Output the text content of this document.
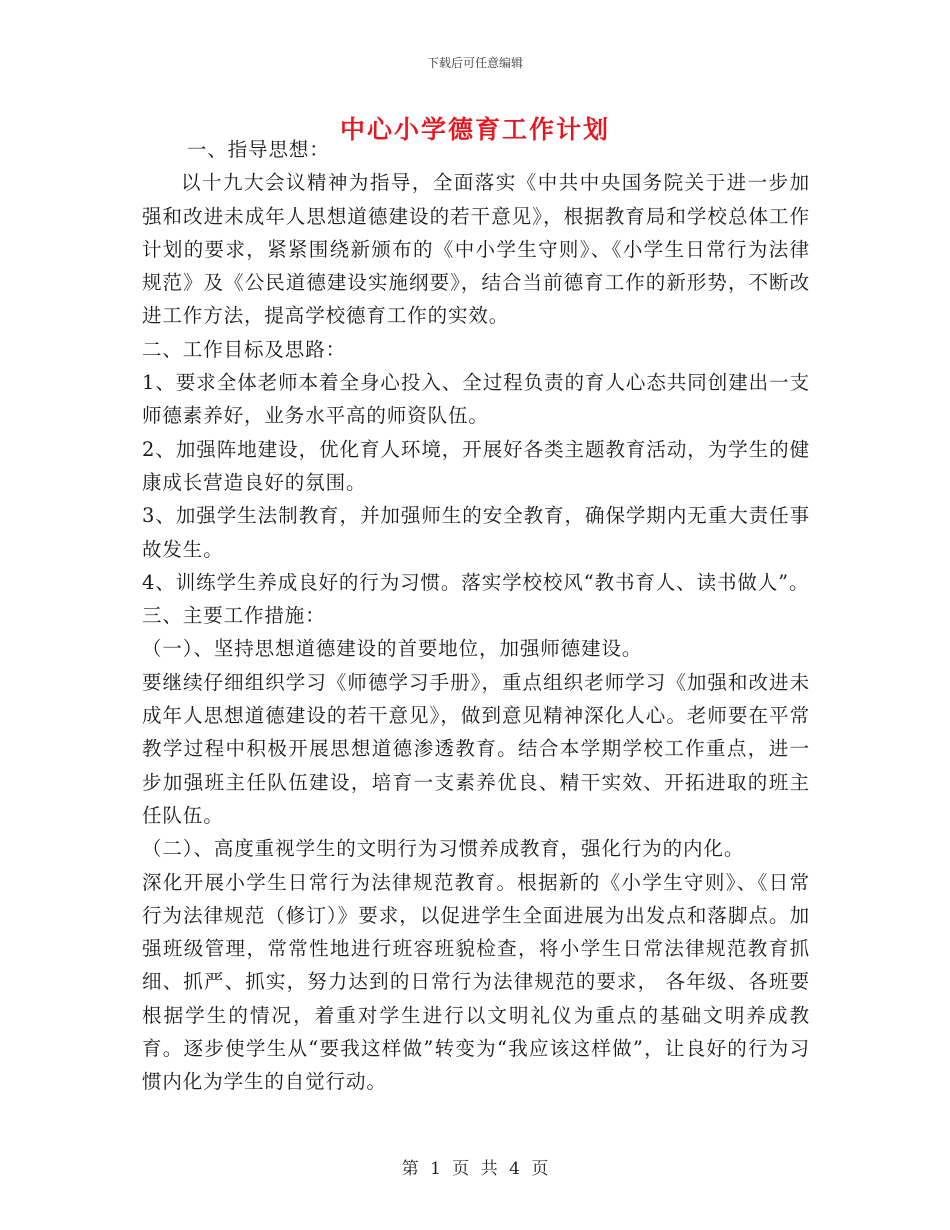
下载后可任意编辑
中心小学德育工作计划

一、指导思想：

以十九大会议精神为指导，全面落实《中共中央国务院关于进一步加强和改进未成年人思想道德建设的若干意见》，根据教育局和学校总体工作计划的要求，紧紧围绕新颁布的《中小学生守则》、《小学生日常行为法律规范》及《公民道德建设实施纲要》，结合当前德育工作的新形势，不断改进工作方法，提高学校德育工作的实效。

二、工作目标及思路：

1、要求全体老师本着全身心投入、全过程负责的育人心态共同创建出一支师德素养好，业务水平高的师资队伍。

2、加强阵地建设，优化育人环境，开展好各类主题教育活动，为学生的健康成长营造良好的氛围。

3、加强学生法制教育，并加强师生的安全教育，确保学期内无重大责任事故发生。

4、训练学生养成良好的行为习惯。落实学校校风“教书育人、读书做人”。

三、主要工作措施：

（一）、坚持思想道德建设的首要地位，加强师德建设。

要继续仔细组织学习《师德学习手册》，重点组织老师学习《加强和改进未成年人思想道德建设的若干意见》，做到意见精神深化人心。老师要在平常教学过程中积极开展思想道德渗透教育。结合本学期学校工作重点，进一步加强班主任队伍建设，培育一支素养优良、精干实效、开拓进取的班主任队伍。

（二）、高度重视学生的文明行为习惯养成教育，强化行为的内化。

深化开展小学生日常行为法律规范教育。根据新的《小学生守则》、《日常行为法律规范（修订）》要求，以促进学生全面进展为出发点和落脚点。加强班级管理，常常性地进行班容班貌检查，将小学生日常法律规范教育抓细、抓严、抓实，努力达到的日常行为法律规范的要求， 各年级、各班要根据学生的情况，着重对学生进行以文明礼仪为重点的基础文明养成教育。逐步使学生从“要我这样做”转变为“我应该这样做”，让良好的行为习惯内化为学生的自觉行动。

第 1 页 共 4 页
